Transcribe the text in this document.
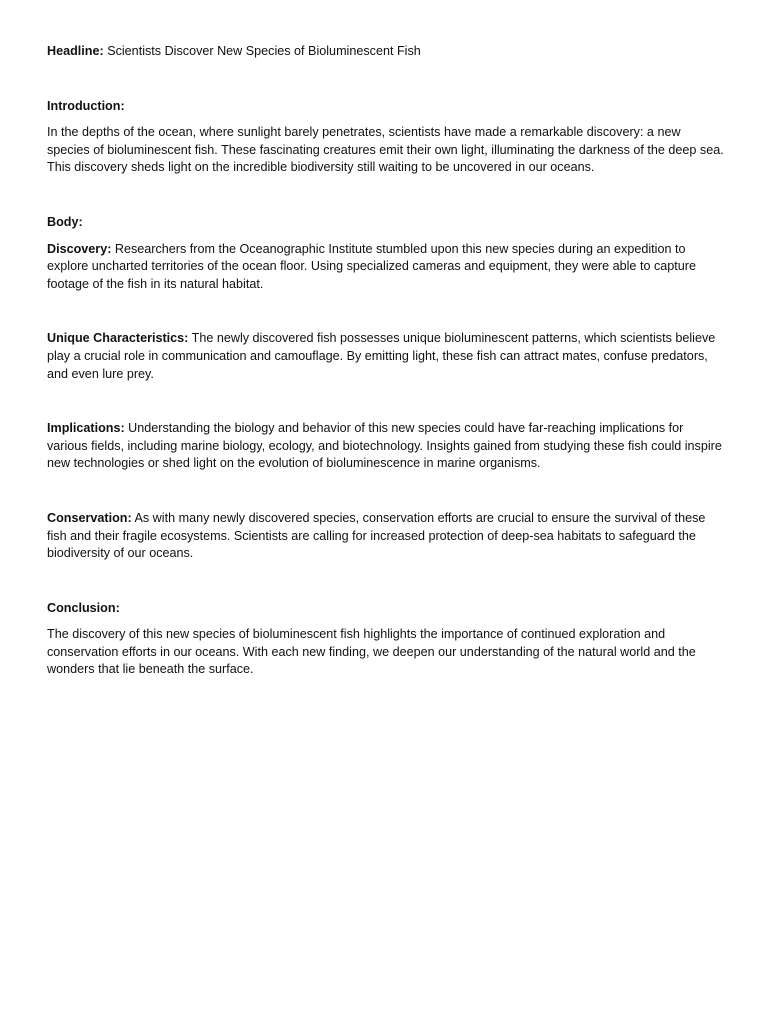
Headline: Scientists Discover New Species of Bioluminescent Fish

Introduction:

In the depths of the ocean, where sunlight barely penetrates, scientists have made a remarkable discovery: a new species of bioluminescent fish. These fascinating creatures emit their own light, illuminating the darkness of the deep sea. This discovery sheds light on the incredible biodiversity still waiting to be uncovered in our oceans.

Body:

Discovery: Researchers from the Oceanographic Institute stumbled upon this new species during an expedition to explore uncharted territories of the ocean floor. Using specialized cameras and equipment, they were able to capture footage of the fish in its natural habitat.

Unique Characteristics: The newly discovered fish possesses unique bioluminescent patterns, which scientists believe play a crucial role in communication and camouflage. By emitting light, these fish can attract mates, confuse predators, and even lure prey.

Implications: Understanding the biology and behavior of this new species could have far-reaching implications for various fields, including marine biology, ecology, and biotechnology. Insights gained from studying these fish could inspire new technologies or shed light on the evolution of bioluminescence in marine organisms.

Conservation: As with many newly discovered species, conservation efforts are crucial to ensure the survival of these fish and their fragile ecosystems. Scientists are calling for increased protection of deep-sea habitats to safeguard the biodiversity of our oceans.

Conclusion:

The discovery of this new species of bioluminescent fish highlights the importance of continued exploration and conservation efforts in our oceans. With each new finding, we deepen our understanding of the natural world and the wonders that lie beneath the surface.
